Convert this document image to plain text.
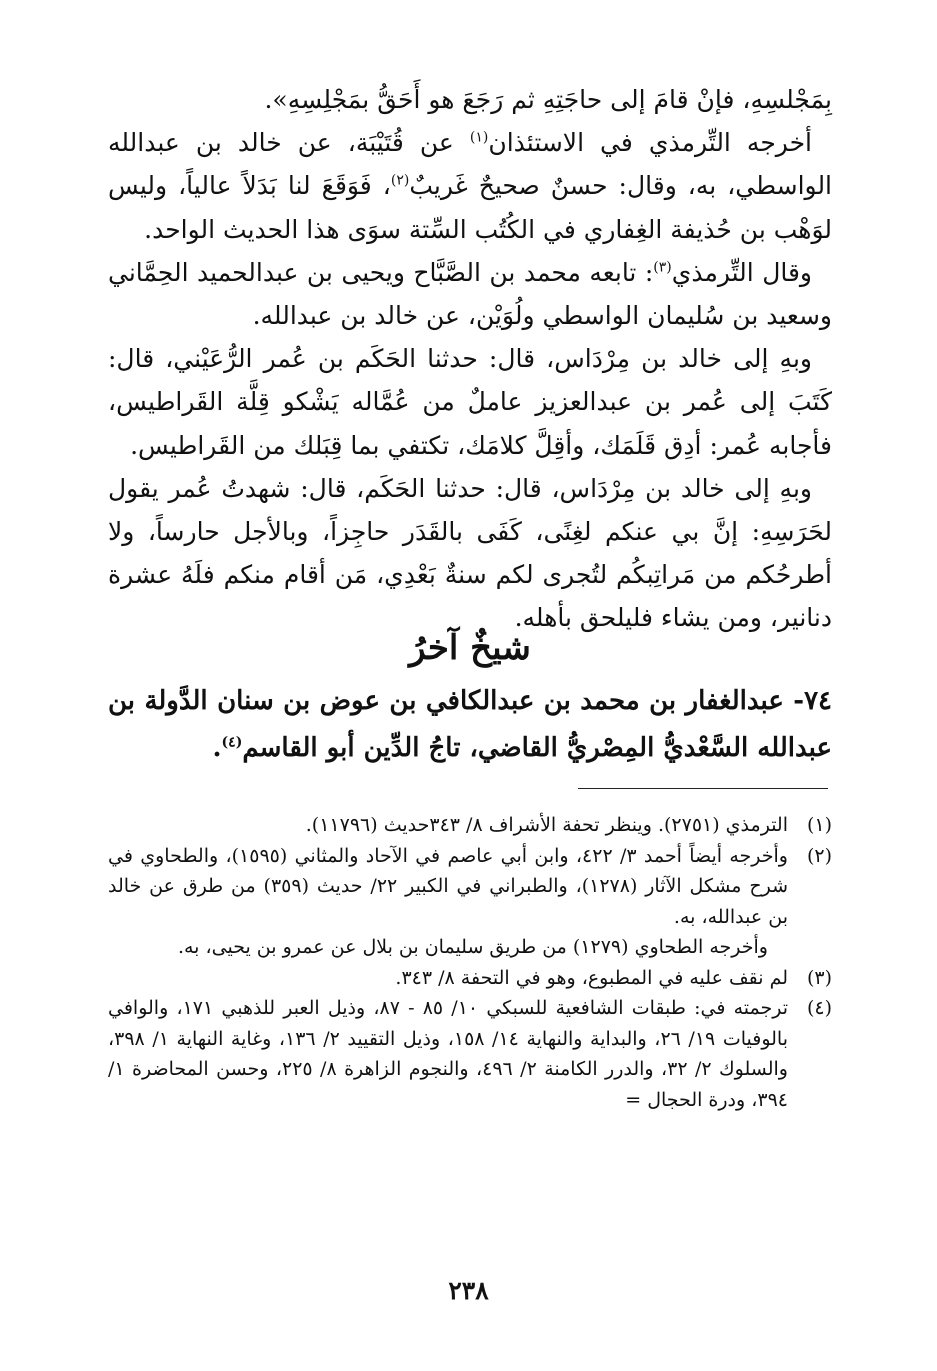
بِمَجْلسِهِ، فإنْ قامَ إلى حاجَتِهِ ثم رَجَعَ هو أَحَقُّ بمَجْلِسِهِ».

أخرجه التِّرمذي في الاستئذان$^{(١)}$ عن قُتَيْبَة، عن خالد بن عبدالله الواسطي، به، وقال: حسنٌ صحيحٌ غَريبٌ$^{(٢)}$، فَوَقَعَ لنا بَدَلاً عالياً، وليس لوَهْب بن حُذيفة الغِفاري في الكُتُب السِّتة سوَى هذا الحديث الواحد.

وقال التِّرمذي$^{(٣)}$: تابعه محمد بن الصَّبَّاح ويحيى بن عبدالحميد الحِمَّاني وسعيد بن سُليمان الواسطي ولُوَيْن، عن خالد بن عبدالله.

وبهِ إلى خالد بن مِرْدَاس، قال: حدثنا الحَكَم بن عُمر الرُّعَيْني، قال: كَتَبَ إلى عُمر بن عبدالعزيز عاملٌ من عُمَّاله يَشْكو قِلَّة القَراطيس، فأجابه عُمر: أدِق قَلَمَك، وأقِلَّ كلامَك، تكتفي بما قِبَلك من القَراطيس.

وبهِ إلى خالد بن مِرْدَاس، قال: حدثنا الحَكَم، قال: شهدتُ عُمر يقول لحَرَسِهِ: إنَّ بي عنكم لغِنًى، كَفَى بالقَدَر حاجِزاً، وبالأجل حارساً، ولا أطرحُكم من مَراتِبكُم لتُجرى لكم سنةٌ بَعْدِي، مَن أقام منكم فلَهُ عشرة دنانير، ومن يشاء فليلحق بأهله.

شيخٌ آخرُ

٧٤- عبدالغفار بن محمد بن عبدالكافي بن عوض بن سنان الدَّولة بن عبدالله السَّعْديُّ المِصْريُّ القاضي، تاجُ الدِّين أبو القاسم$^{(٤)}$.

(١)

الترمذي (٢٧٥١). وينظر تحفة الأشراف ٨/ ٣٤٣حديث (١١٧٩٦).

(٢)

وأخرجه أيضاً أحمد ٣/ ٤٢٢، وابن أبي عاصم في الآحاد والمثاني (١٥٩٥)، والطحاوي في شرح مشكل الآثار (١٢٧٨)، والطبراني في الكبير ٢٢/ حديث (٣٥٩) من طرق عن خالد بن عبدالله، به.

وأخرجه الطحاوي (١٢٧٩) من طريق سليمان بن بلال عن عمرو بن يحيى، به.

(٣)

لم نقف عليه في المطبوع، وهو في التحفة ٨/ ٣٤٣.

(٤)

ترجمته في: طبقات الشافعية للسبكي ١٠/ ٨٥ - ٨٧، وذيل العبر للذهبي ١٧١، والوافي بالوفيات ١٩/ ٢٦، والبداية والنهاية ١٤/ ١٥٨، وذيل التقييد ٢/ ١٣٦، وغاية النهاية ١/ ٣٩٨، والسلوك ٢/ ٣٢، والدرر الكامنة ٢/ ٤٩٦، والنجوم الزاهرة ٨/ ٢٢٥، وحسن المحاضرة ١/ ٣٩٤، ودرة الحجال =

٢٣٨
